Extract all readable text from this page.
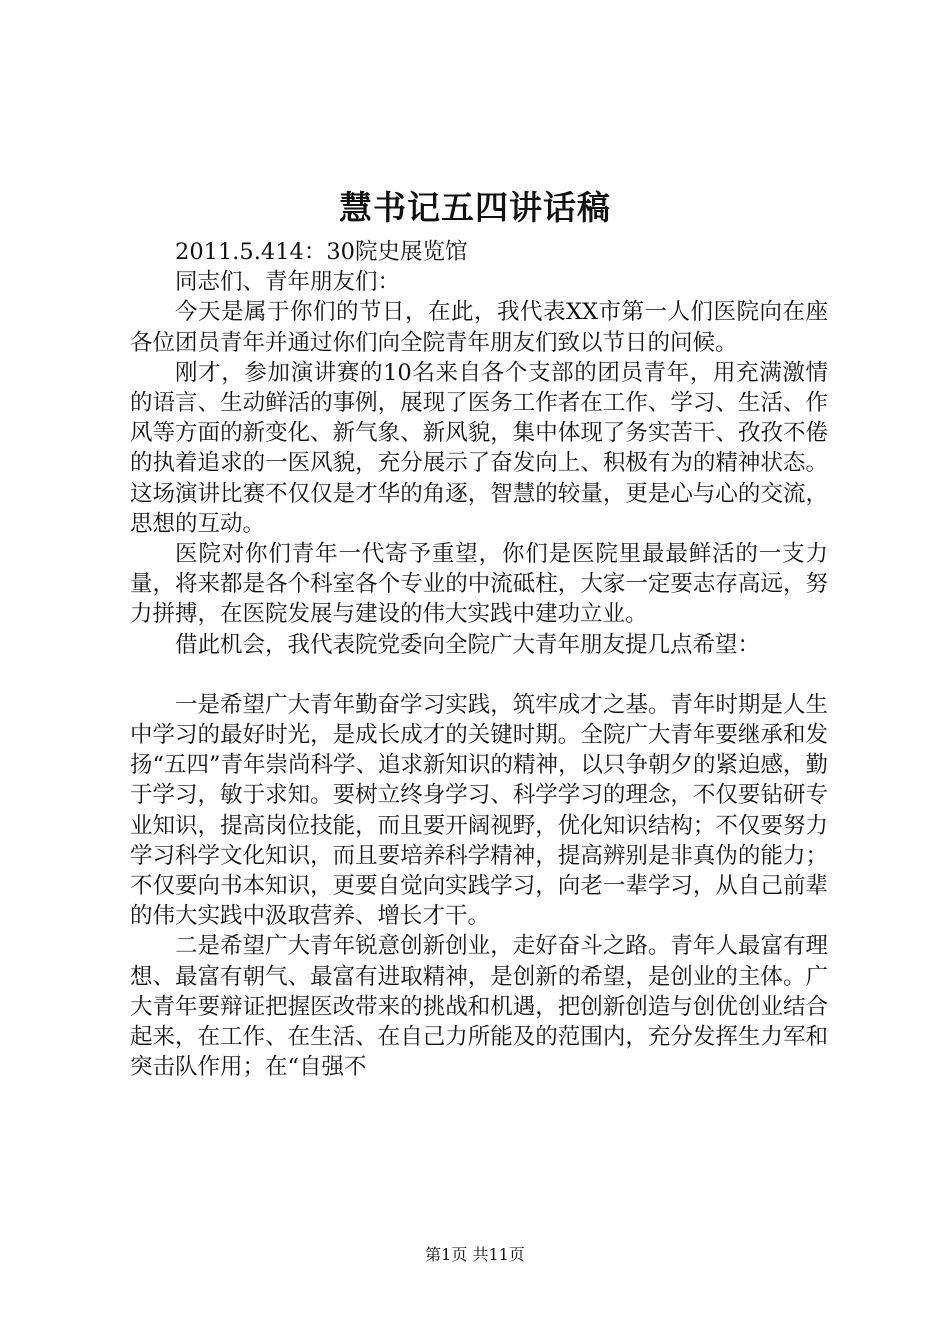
慧书记五四讲话稿

2011.5.414：30院史展览馆

同志们、青年朋友们：

今天是属于你们的节日，在此，我代表XX市第一人们医院向在座各位团员青年并通过你们向全院青年朋友们致以节日的问候。

刚才，参加演讲赛的10名来自各个支部的团员青年，用充满激情的语言、生动鲜活的事例，展现了医务工作者在工作、学习、生活、作风等方面的新变化、新气象、新风貌，集中体现了务实苦干、孜孜不倦的执着追求的一医风貌，充分展示了奋发向上、积极有为的精神状态。这场演讲比赛不仅仅是才华的角逐，智慧的较量，更是心与心的交流，思想的互动。

医院对你们青年一代寄予重望，你们是医院里最最鲜活的一支力量，将来都是各个科室各个专业的中流砥柱，大家一定要志存高远，努力拼搏，在医院发展与建设的伟大实践中建功立业。

借此机会，我代表院党委向全院广大青年朋友提几点希望：

一是希望广大青年勤奋学习实践，筑牢成才之基。青年时期是人生中学习的最好时光，是成长成才的关键时期。全院广大青年要继承和发扬“五四”青年崇尚科学、追求新知识的精神，以只争朝夕的紧迫感，勤于学习，敏于求知。要树立终身学习、科学学习的理念，不仅要钻研专业知识，提高岗位技能，而且要开阔视野，优化知识结构；不仅要努力学习科学文化知识，而且要培养科学精神，提高辨别是非真伪的能力；不仅要向书本知识，更要自觉向实践学习，向老一辈学习，从自己前辈的伟大实践中汲取营养、增长才干。

二是希望广大青年锐意创新创业，走好奋斗之路。青年人最富有理想、最富有朝气、最富有进取精神，是创新的希望，是创业的主体。广大青年要辩证把握医改带来的挑战和机遇，把创新创造与创优创业结合起来，在工作、在生活、在自己力所能及的范围内，充分发挥生力军和突击队作用；在“自强不

第1页 共11页
